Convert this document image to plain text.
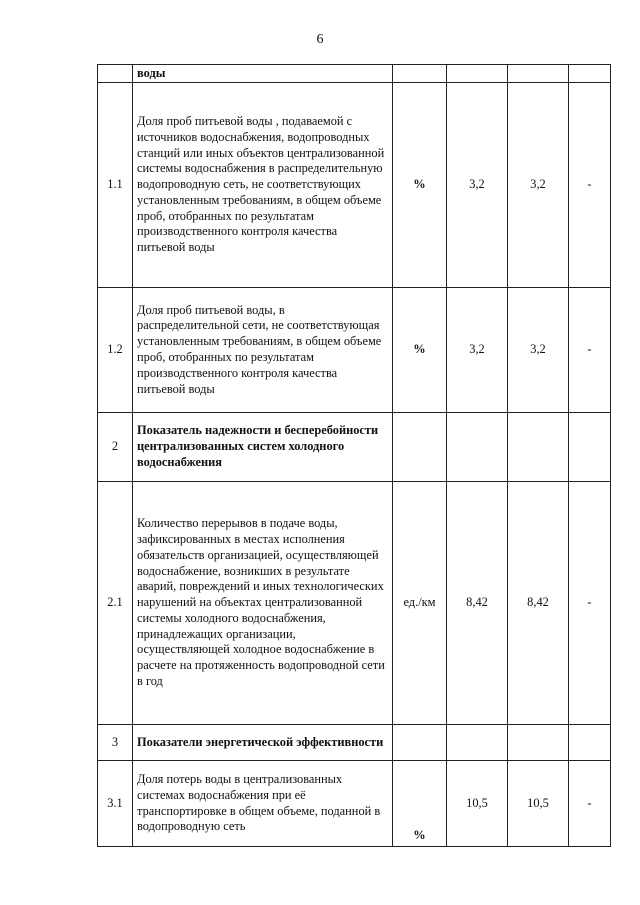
6
	воды				
1.1	Доля проб питьевой воды , подаваемой с источников водоснабжения, водопроводных станций или иных объектов централизованной системы водоснабжения в распределительную водопроводную сеть, не соответствующих установленным требованиям, в общем объеме проб, отобранных по результатам производственного контроля качества питьевой воды	%	3,2	3,2	-
1.2	Доля проб питьевой воды, в распределительной сети, не соответствующая установленным требованиям, в общем объеме проб, отобранных по результатам производственного контроля качества питьевой воды	%	3,2	3,2	-
2	Показатель надежности и бесперебойности централизованных систем холодного водоснабжения				
2.1	Количество перерывов в подаче воды, зафиксированных в местах исполнения обязательств организацией, осуществляющей водоснабжение, возникших в результате аварий, повреждений и иных технологических нарушений на объектах централизованной системы холодного водоснабжения, принадлежащих организации, осуществляющей холодное водоснабжение в расчете на протяженность водопроводной сети в год	ед./км	8,42	8,42	-
3	Показатели энергетической эффективности				
3.1	Доля потерь воды в централизованных системах водоснабжения при её транспортировке в общем объеме, поданной в водопроводную сеть	%	10,5	10,5	-
